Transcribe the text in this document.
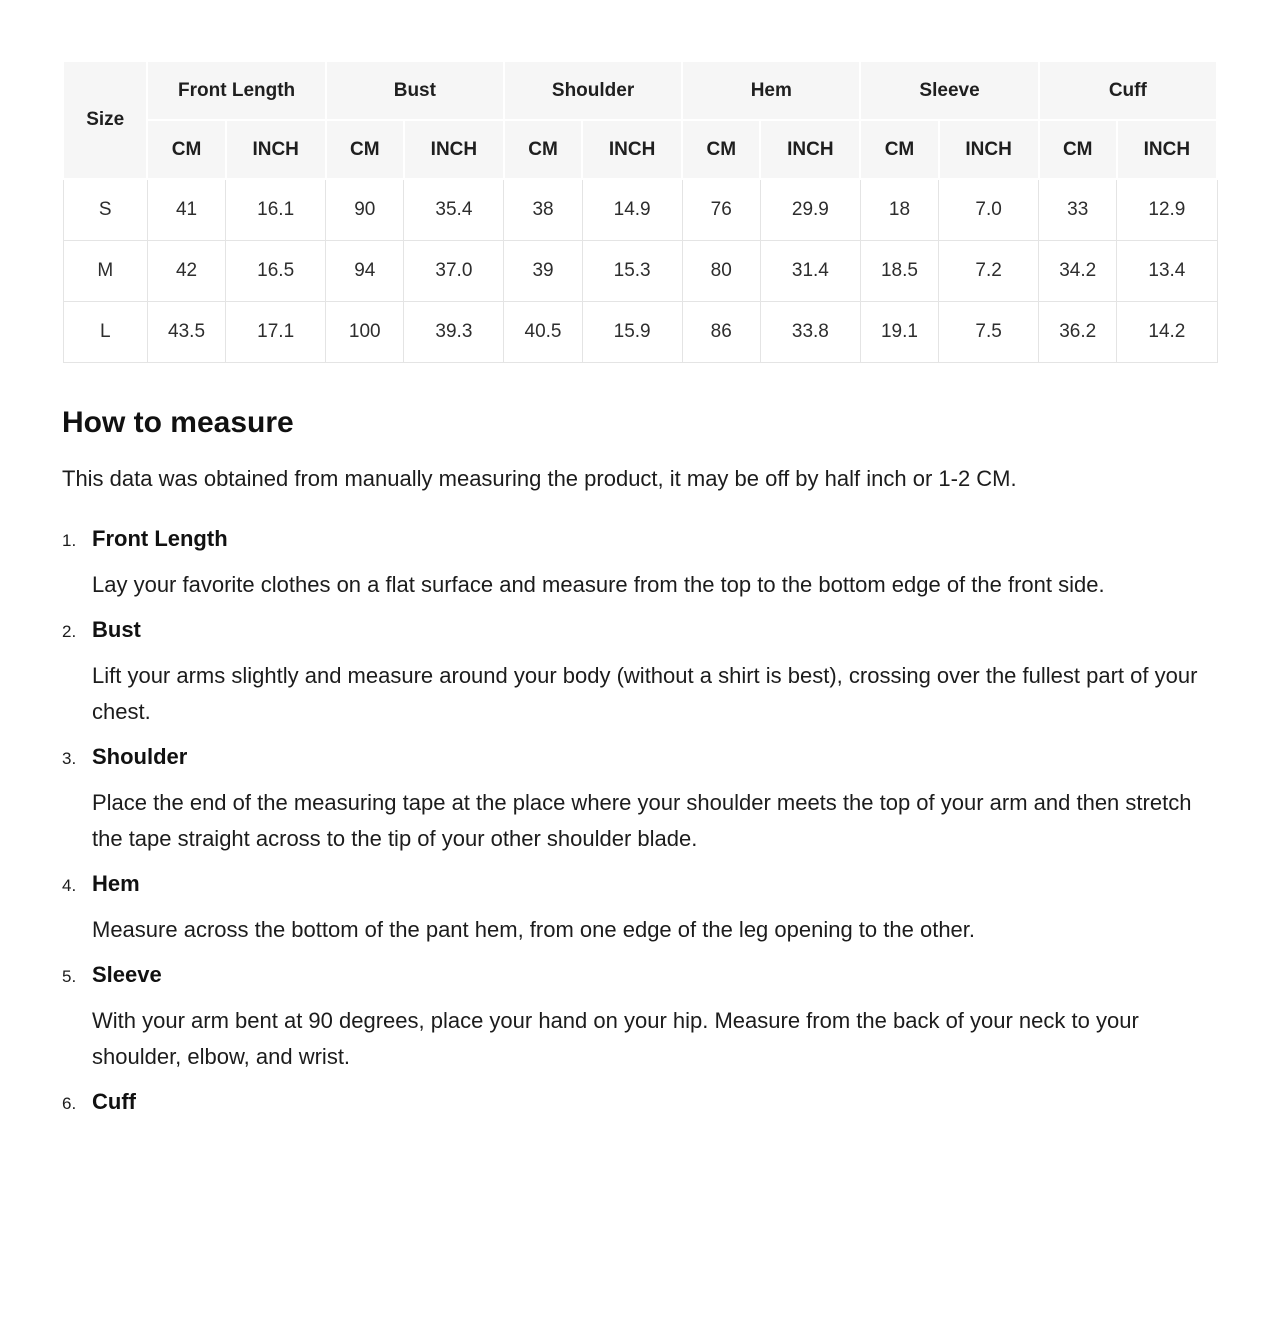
Size	Front Length		Bust		Shoulder		Hem		Sleeve		Cuff	
	CM	INCH	CM	INCH	CM	INCH	CM	INCH	CM	INCH	CM	INCH
S	41	16.1	90	35.4	38	14.9	76	29.9	18	7.0	33	12.9
M	42	16.5	94	37.0	39	15.3	80	31.4	18.5	7.2	34.2	13.4
L	43.5	17.1	100	39.3	40.5	15.9	86	33.8	19.1	7.5	36.2	14.2
How to measure

This data was obtained from manually measuring the product, it may be off by half inch or 1-2 CM.

1. Front Length

Lay your favorite clothes on a flat surface and measure from the top to the bottom edge of the front side.

2. Bust

Lift your arms slightly and measure around your body (without a shirt is best), crossing over the fullest part of your chest.

3. Shoulder

Place the end of the measuring tape at the place where your shoulder meets the top of your arm and then stretch the tape straight across to the tip of your other shoulder blade.

4. Hem

Measure across the bottom of the pant hem, from one edge of the leg opening to the other.

5. Sleeve

With your arm bent at 90 degrees, place your hand on your hip. Measure from the back of your neck to your shoulder, elbow, and wrist.

6. Cuff
